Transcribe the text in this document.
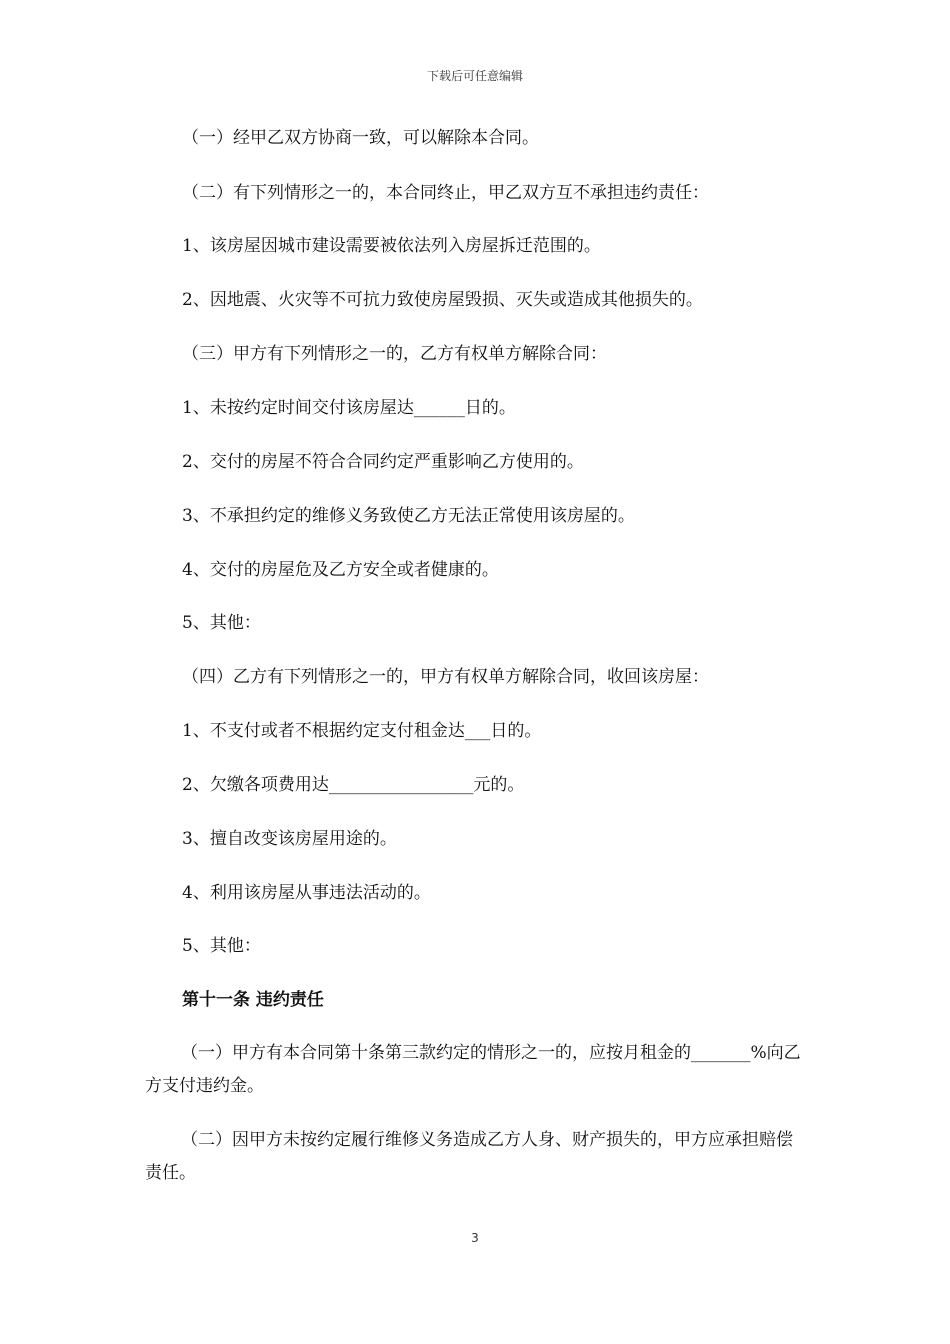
下载后可任意编辑
（一）经甲乙双方协商一致，可以解除本合同。
（二）有下列情形之一的，本合同终止，甲乙双方互不承担违约责任：
1、该房屋因城市建设需要被依法列入房屋拆迁范围的。
2、因地震、火灾等不可抗力致使房屋毁损、灭失或造成其他损失的。
（三）甲方有下列情形之一的，乙方有权单方解除合同：
1、未按约定时间交付该房屋达______日的。
2、交付的房屋不符合合同约定严重影响乙方使用的。
3、不承担约定的维修义务致使乙方无法正常使用该房屋的。
4、交付的房屋危及乙方安全或者健康的。
5、其他：
（四）乙方有下列情形之一的，甲方有权单方解除合同，收回该房屋：
1、不支付或者不根据约定支付租金达___日的。
2、欠缴各项费用达_________________元的。
3、擅自改变该房屋用途的。
4、利用该房屋从事违法活动的。
5、其他：
第十一条 违约责任
（一）甲方有本合同第十条第三款约定的情形之一的，应按月租金的_______%向乙方支付违约金。
（二）因甲方未按约定履行维修义务造成乙方人身、财产损失的，甲方应承担赔偿责任。
3
